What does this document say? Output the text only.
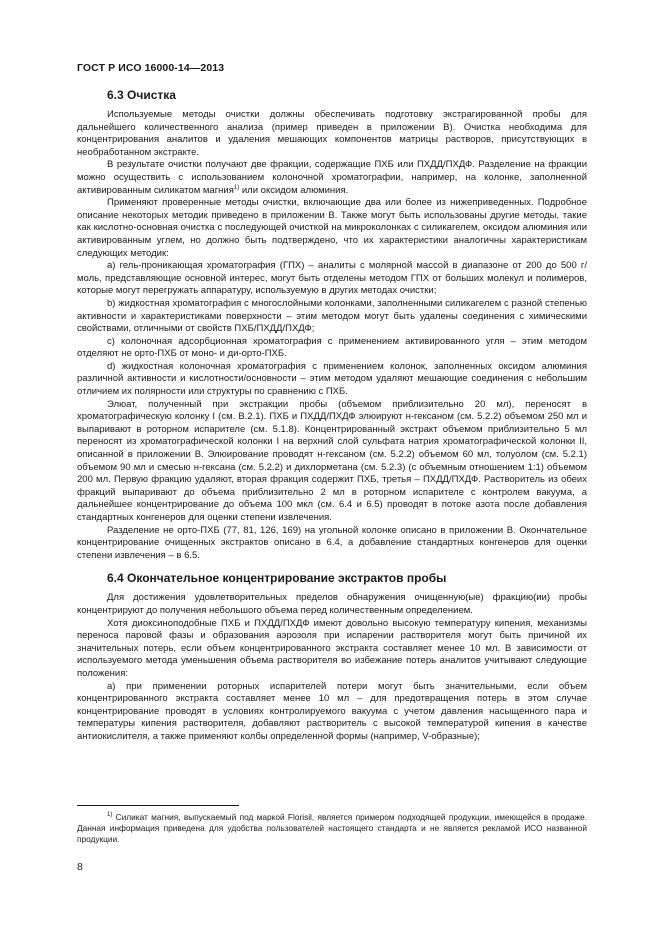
ГОСТ Р ИСО 16000-14—2013
6.3 Очистка

Используемые методы очистки должны обеспечивать подготовку экстрагированной пробы для дальнейшего количественного анализа (пример приведен в приложении В). Очистка необходима для концентрирования аналитов и удаления мешающих компонентов матрицы растворов, присутствующих в необработанном экстракте.

В результате очистки получают две фракции, содержащие ПХБ или ПХДД/ПХДФ. Разделение на фракции можно осуществить с использованием колоночной хроматографии, например, на колонке, заполненной активированным силикатом магния$^{1)}$ или оксидом алюминия.

Применяют проверенные методы очистки, включающие два или более из нижеприведенных. Подробное описание некоторых методик приведено в приложении В. Также могут быть использованы другие методы, такие как кислотно-основная очистка с последующей очисткой на микроколонках с силикагелем, оксидом алюминия или активированным углем, но должно быть подтверждено, что их характеристики аналогичны характеристикам следующих методик:

а) гель-проникающая хроматография (ГПХ) – аналиты с молярной массой в диапазоне от 200 до 500 г/моль, представляющие основной интерес, могут быть отделены методом ГПХ от больших молекул и полимеров, которые могут перегружать аппаратуру, используемую в других методах очистки;

b) жидкостная хроматография с многослойными колонками, заполненными силикагелем с разной степенью активности и характеристиками поверхности – этим методом могут быть удалены соединения с химическими свойствами, отличными от свойств ПХБ/ПХДД/ПХДФ;

с) колоночная адсорбционная хроматография с применением активированного угля – этим методом отделяют не орто-ПХБ от моно- и ди-орто-ПХБ.

d) жидкостная колоночная хроматография с применением колонок, заполненных оксидом алюминия различной активности и кислотности/основности – этим методом удаляют мешающие соединения с небольшим отличием их полярности или структуры по сравнению с ПХБ.

Элюат, полученный при экстракции пробы (объемом приблизительно 20 мл), переносят в хроматографическую колонку I (см. В.2.1). ПХБ и ПХДД/ПХДФ элюируют н-гексаном (см. 5.2.2) объемом 250 мл и выпаривают в роторном испарителе (см. 5.1.8). Концентрированный экстракт объемом приблизительно 5 мл переносят из хроматографической колонки I на верхний слой сульфата натрия хроматографической колонки II, описанной в приложении В. Элюирование проводят н-гексаном (см. 5.2.2) объемом 60 мл, толуолом (см. 5.2.1) объемом 90 мл и смесью н-гексана (см. 5.2.2) и дихлорметана (см. 5.2.3) (с объемным отношением 1:1) объемом 200 мл. Первую фракцию удаляют, вторая фракция содержит ПХБ, третья – ПХДД/ПХДФ. Растворитель из обеих фракций выпаривают до объема приблизительно 2 мл в роторном испарителе с контролем вакуума, а дальнейшее концентрирование до объема 100 мкл (см. 6.4 и 6.5) проводят в потоке азота после добавления стандартных конгенеров для оценки степени извлечения.

Разделение не орто-ПХБ (77, 81, 126, 169) на угольной колонке описано в приложении В. Окончательное концентрирование очищенных экстрактов описано в 6.4, а добавление стандартных конгенеров для оценки степени извлечения – в 6.5.

6.4 Окончательное концентрирование экстрактов пробы

Для достижения удовлетворительных пределов обнаружения очищенную(ые) фракцию(ии) пробы концентрируют до получения небольшого объема перед количественным определением.

Хотя диоксиноподобные ПХБ и ПХДД/ПХДФ имеют довольно высокую температуру кипения, механизмы переноса паровой фазы и образования аэрозоля при испарении растворителя могут быть причиной их значительных потерь, если объем концентрированного экстракта составляет менее 10 мл. В зависимости от используемого метода уменьшения объема растворителя во избежание потерь аналитов учитывают следующие положения:

а) при применении роторных испарителей потери могут быть значительными, если объем концентрированного экстракта составляет менее 10 мл – для предотвращения потерь в этом случае концентрирование проводят в условиях контролируемого вакуума с учетом давления насыщенного пара и температуры кипения растворителя, добавляют растворитель с высокой температурой кипения в качестве антиокислителя, а также применяют колбы определенной формы (например, V-образные);

$^{1)}$ Силикат магния, выпускаемый под маркой Florisil, является примером подходящей продукции, имеющейся в продаже. Данная информация приведена для удобства пользователей настоящего стандарта и не является рекламой ИСО названной продукции.
8
